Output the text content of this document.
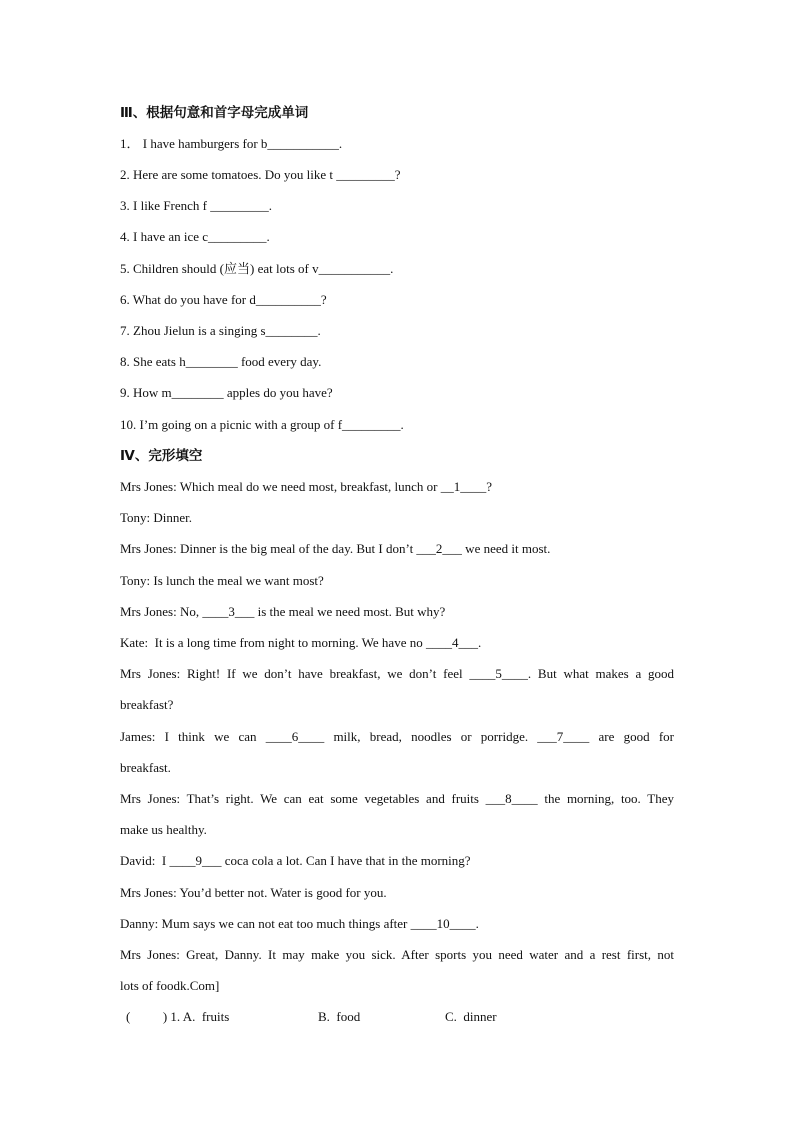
Ⅲ、根据句意和首字母完成单词
1． I have hamburgers for b___________.
2. Here are some tomatoes. Do you like t _________?
3. I like French f _________.
4. I have an ice c_________.
5. Children should (应当) eat lots of v___________.
6. What do you have for d__________?
7. Zhou Jielun is a singing s________.
8. She eats h________ food every day.
9. How m________ apples do you have?
10. I’m going on a picnic with a group of f_________.
Ⅳ、完形填空
Mrs Jones: Which meal do we need most, breakfast, lunch or __1____?
Tony: Dinner.
Mrs Jones: Dinner is the big meal of the day. But I don’t ___2___ we need it most.
Tony: Is lunch the meal we want most?
Mrs Jones: No, ____3___ is the meal we need most. But why?
Kate:  It is a long time from night to morning. We have no ____4___.
Mrs Jones: Right! If we don’t have breakfast, we don’t feel ____5____. But what makes a good
breakfast?
James: I think we can ____6____ milk, bread, noodles or porridge. ___7____ are good for
breakfast.
Mrs Jones: That’s right. We can eat some vegetables and fruits ___8____ the morning, too. They
make us healthy.
David:  I ____9___ coca cola a lot. Can I have that in the morning?
Mrs Jones: You’d better not. Water is good for you.
Danny: Mum says we can not eat too much things after ____10____.
Mrs Jones: Great, Danny. It may make you sick. After sports you need water and a rest first, not
lots of foodk.Com]
(          ) 1. A.  fruits	B.  food	C.  dinner
